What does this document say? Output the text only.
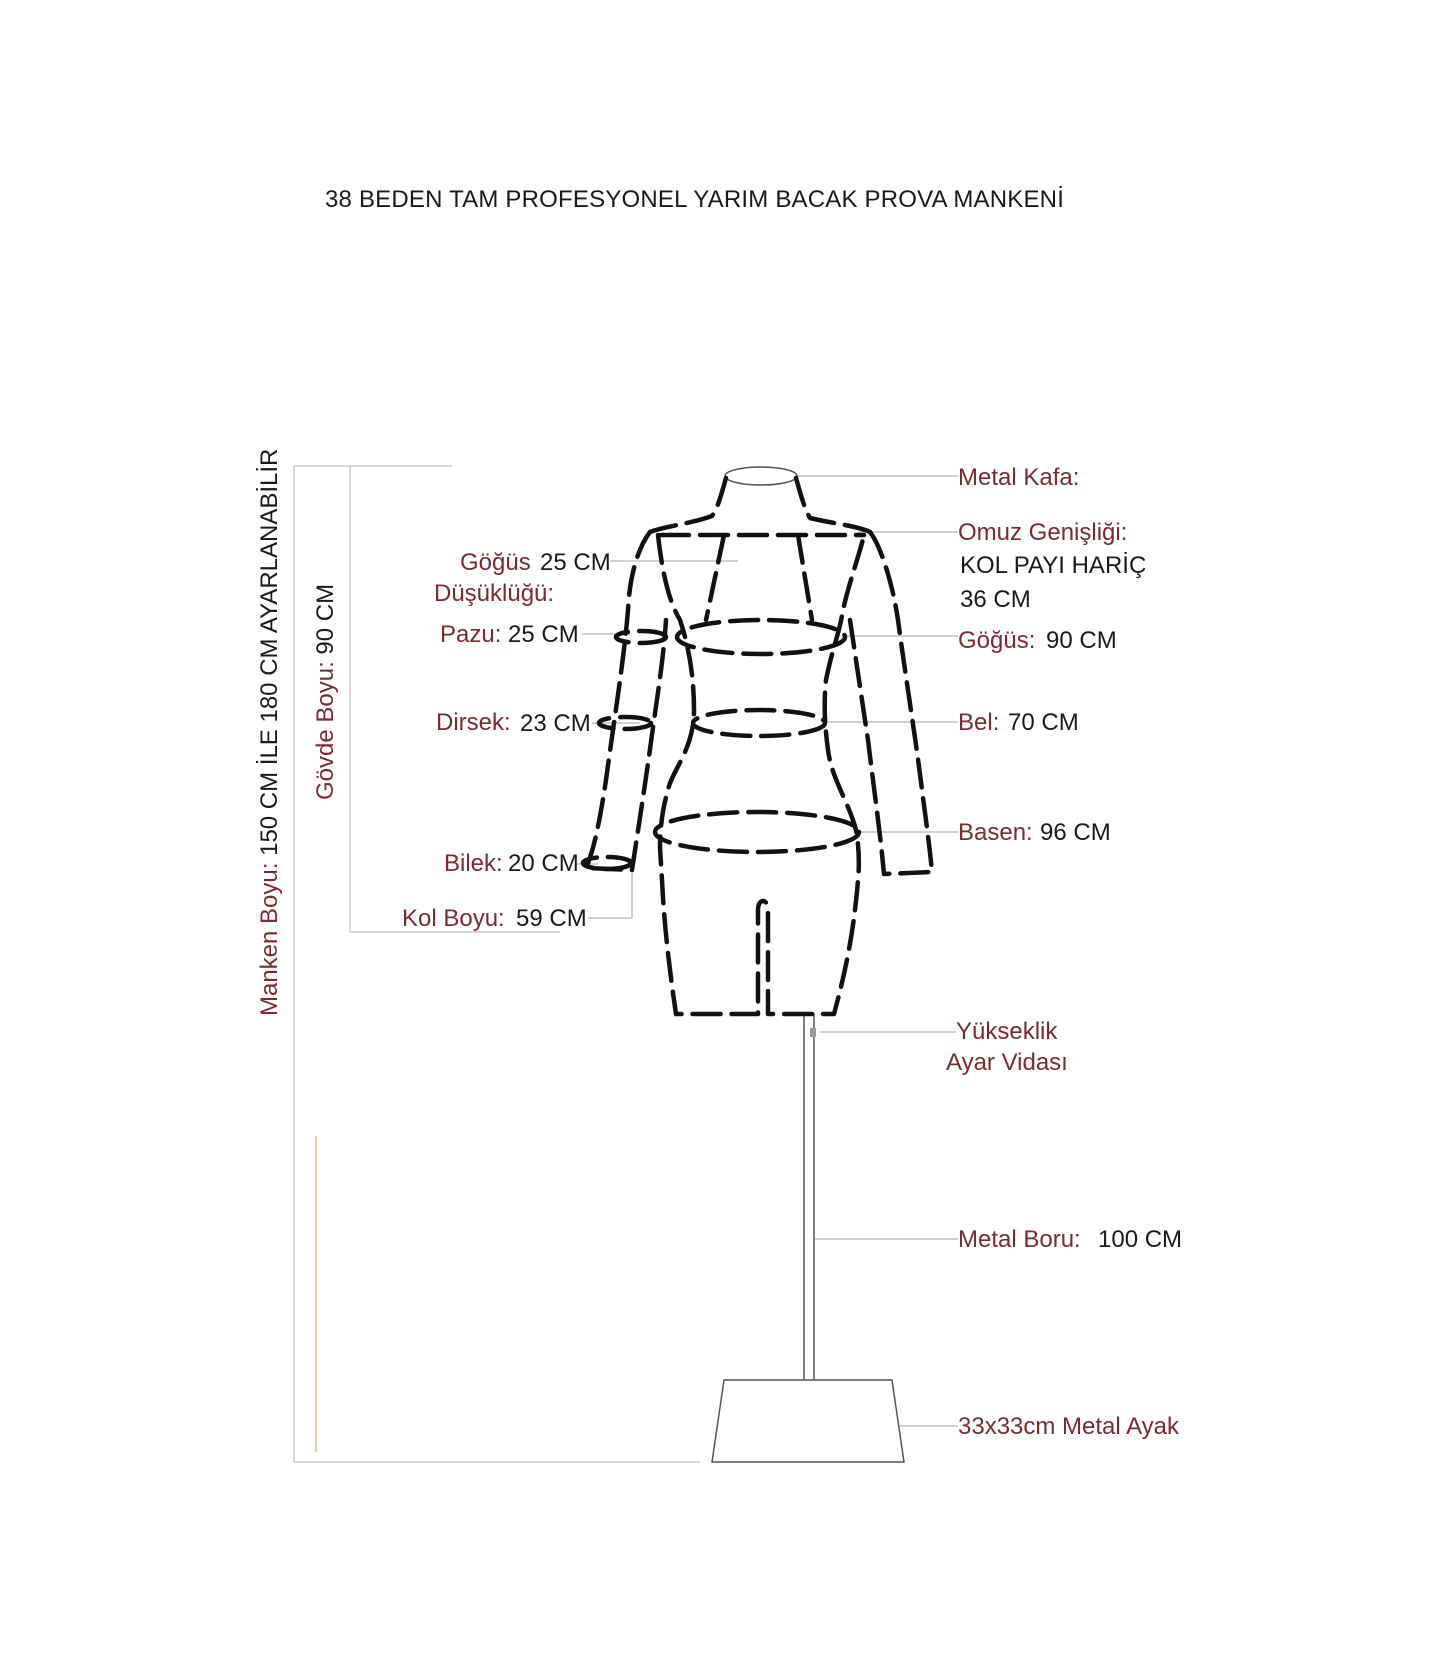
38 BEDEN TAM PROFESYONEL YARIM BACAK PROVA MANKENİ
Metal Kafa:
Omuz Genişliği:
KOL PAYI HARİÇ
36 CM
Göğüs: 90 CM
Bel: 70 CM
Basen: 96 CM
Yükseklik
Ayar Vidası
Metal Boru: 100 CM
33x33cm Metal Ayak
Göğüs 25 CM
Düşüklüğü:
Pazu: 25 CM
Dirsek: 23 CM
Bilek: 20 CM
Kol Boyu: 59 CM
Manken Boyu: 150 CM İLE 180 CM AYARLANABİLİR Gövde Boyu: 90 CM
